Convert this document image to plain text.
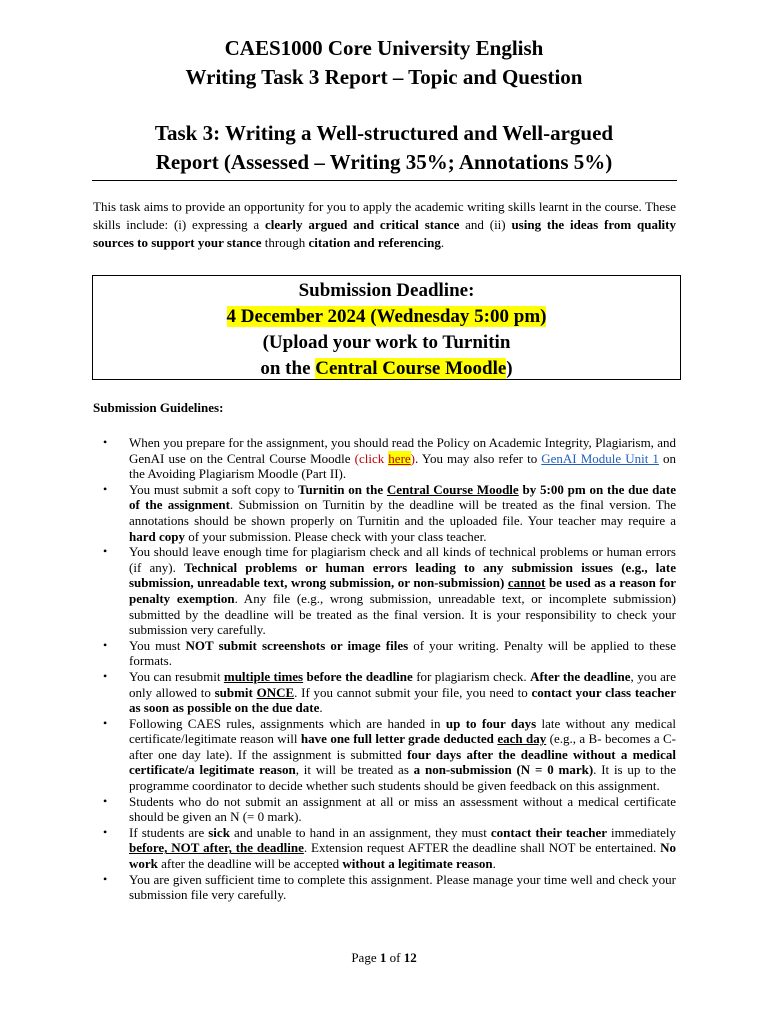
CAES1000 Core University English
Writing Task 3 Report – Topic and Question
Task 3: Writing a Well-structured and Well-argued
Report (Assessed – Writing 35%; Annotations 5%)
This task aims to provide an opportunity for you to apply the academic writing skills learnt in the course. These skills include: (i) expressing a clearly argued and critical stance and (ii) using the ideas from quality sources to support your stance through citation and referencing.
Submission Deadline:
4 December 2024 (Wednesday 5:00 pm)
(Upload your work to Turnitin
on the Central Course Moodle)
Submission Guidelines:
• When you prepare for the assignment, you should read the Policy on Academic Integrity, Plagiarism, and GenAI use on the Central Course Moodle (click here). You may also refer to GenAI Module Unit 1 on the Avoiding Plagiarism Moodle (Part II).
• You must submit a soft copy to Turnitin on the Central Course Moodle by 5:00 pm on the due date of the assignment. Submission on Turnitin by the deadline will be treated as the final version. The annotations should be shown properly on Turnitin and the uploaded file. Your teacher may require a hard copy of your submission. Please check with your class teacher.
• You should leave enough time for plagiarism check and all kinds of technical problems or human errors (if any). Technical problems or human errors leading to any submission issues (e.g., late submission, unreadable text, wrong submission, or non-submission) cannot be used as a reason for penalty exemption. Any file (e.g., wrong submission, unreadable text, or incomplete submission) submitted by the deadline will be treated as the final version. It is your responsibility to check your submission very carefully.
• You must NOT submit screenshots or image files of your writing. Penalty will be applied to these formats.
• You can resubmit multiple times before the deadline for plagiarism check. After the deadline, you are only allowed to submit ONCE. If you cannot submit your file, you need to contact your class teacher as soon as possible on the due date.
• Following CAES rules, assignments which are handed in up to four days late without any medical certificate/legitimate reason will have one full letter grade deducted each day (e.g., a B- becomes a C- after one day late). If the assignment is submitted four days after the deadline without a medical certificate/a legitimate reason, it will be treated as a non-submission (N = 0 mark). It is up to the programme coordinator to decide whether such students should be given feedback on this assignment.
• Students who do not submit an assignment at all or miss an assessment without a medical certificate should be given an N (= 0 mark).
• If students are sick and unable to hand in an assignment, they must contact their teacher immediately before, NOT after, the deadline. Extension request AFTER the deadline shall NOT be entertained. No work after the deadline will be accepted without a legitimate reason.
• You are given sufficient time to complete this assignment. Please manage your time well and check your submission file very carefully.
Page 1 of 12
